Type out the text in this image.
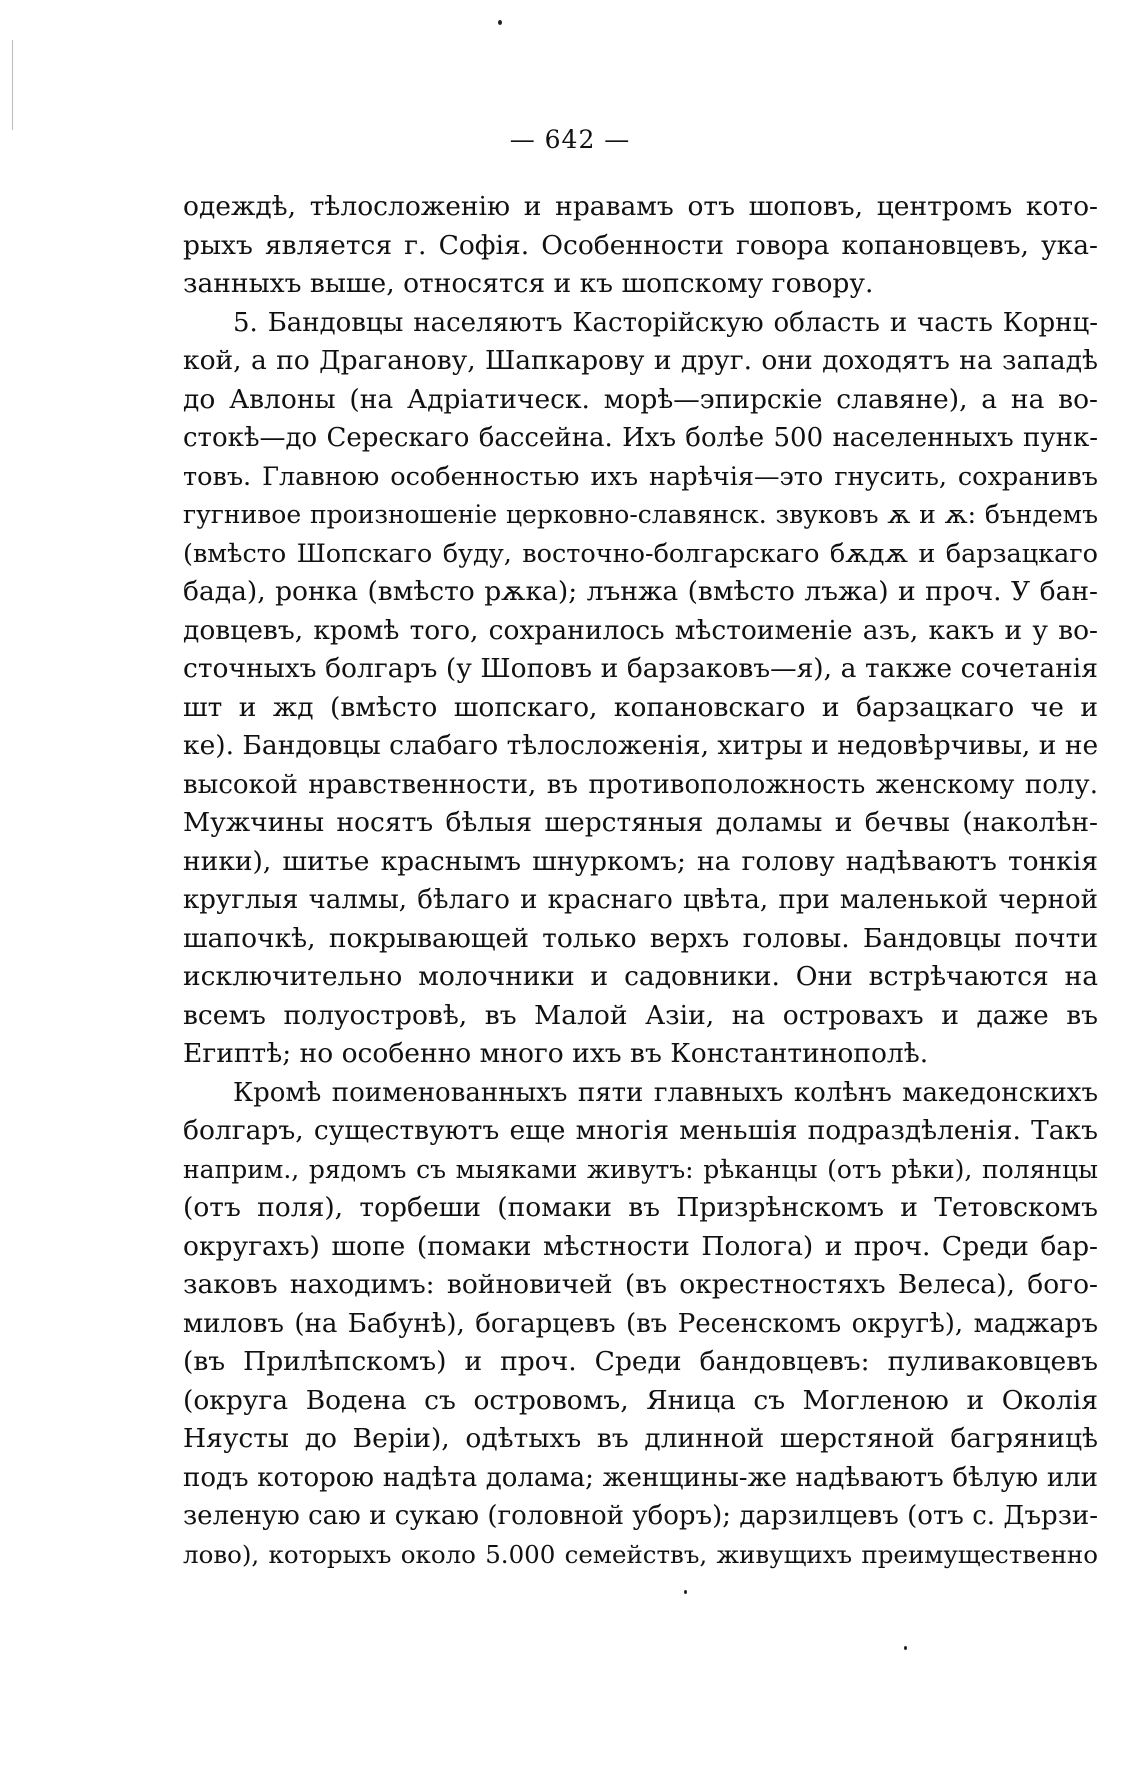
— 642 —
одеждѣ, тѣлосложенію и нравамъ отъ шоповъ, центромъ кото-
рыхъ является г. Софія. Особенности говора копановцевъ, ука-
занныхъ выше, относятся и къ шопскому говору.
5. Бандовцы населяютъ Касторійскую область и часть Корнц-
кой, а по Драганову, Шапкарову и друг. они доходятъ на западѣ
до Авлоны (на Адріатическ. морѣ—эпирскіе славяне), а на во-
стокѣ—до Серескаго бассейна. Ихъ болѣе 500 населенныхъ пунк-
товъ. Главною особенностью ихъ нарѣчія—это гнусить, сохранивъ
гугнивое произношеніе церковно-славянск. звуковъ ѫ и ѫ: бъндемъ
(вмѣсто Шопскаго буду, восточно-болгарскаго бѫдѫ и барзацкаго
бада), ронка (вмѣсто рѫка); лънжа (вмѣсто лъжа) и проч. У бан-
довцевъ, кромѣ того, сохранилось мѣстоименіе азъ, какъ и у во-
сточныхъ болгаръ (у Шоповъ и барзаковъ—я), а также сочетанія
шт и жд (вмѣсто шопскаго, копановскаго и барзацкаго че и
ке). Бандовцы слабаго тѣлосложенія, хитры и недовѣрчивы, и не
высокой нравственности, въ противоположность женскому полу.
Мужчины носятъ бѣлыя шерстяныя доламы и бечвы (наколѣн-
ники), шитье краснымъ шнуркомъ; на голову надѣваютъ тонкія
круглыя чалмы, бѣлаго и краснаго цвѣта, при маленькой черной
шапочкѣ, покрывающей только верхъ головы. Бандовцы почти
исключительно молочники и садовники. Они встрѣчаются на
всемъ полуостровѣ, въ Малой Азіи, на островахъ и даже въ
Египтѣ; но особенно много ихъ въ Константинополѣ.
Кромѣ поименованныхъ пяти главныхъ колѣнъ македонскихъ
болгаръ, существуютъ еще многія меньшія подраздѣленія. Такъ
наприм., рядомъ съ мыяками живутъ: рѣканцы (отъ рѣки), полянцы
(отъ поля), торбеши (помаки въ Призрѣнскомъ и Тетовскомъ
округахъ) шопе (помаки мѣстности Полога) и проч. Среди бар-
заковъ находимъ: войновичей (въ окрестностяхъ Велеса), бого-
миловъ (на Бабунѣ), богарцевъ (въ Ресенскомъ округѣ), маджаръ
(въ Прилѣпскомъ) и проч. Среди бандовцевъ: пуливаковцевъ
(округа Водена съ островомъ, Яница съ Могленою и Околія
Няусты до Веріи), одѣтыхъ въ длинной шерстяной багряницѣ
подъ которою надѣта долама; женщины-же надѣваютъ бѣлую или
зеленую саю и сукаю (головной уборъ); дарзилцевъ (отъ с. Дързи-
лово), которыхъ около 5.000 семействъ, живущихъ преимущественно
